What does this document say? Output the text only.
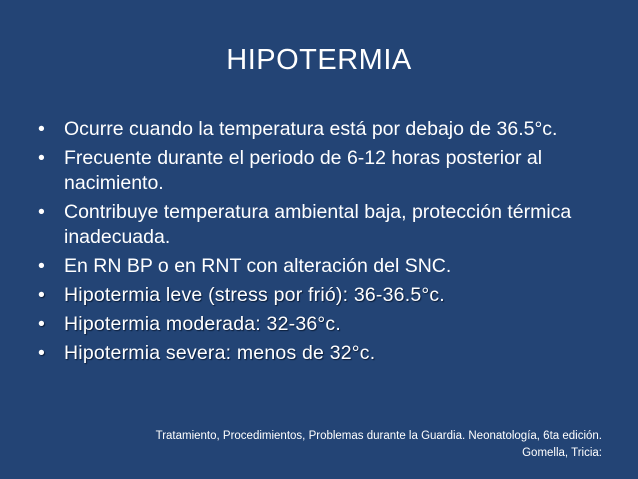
HIPOTERMIA
• Ocurre cuando la temperatura está por debajo de 36.5°c.
• Frecuente durante el periodo de 6-12 horas posterior al nacimiento.
• Contribuye temperatura ambiental baja, protección térmica inadecuada.
• En RN BP o en RNT con alteración del SNC.
• Hipotermia leve (stress por frió): 36-36.5°c.
• Hipotermia moderada: 32-36°c.
• Hipotermia severa: menos de 32°c.
Tratamiento, Procedimientos, Problemas durante la Guardia. Neonatología, 6ta edición.
Gomella, Tricia:
